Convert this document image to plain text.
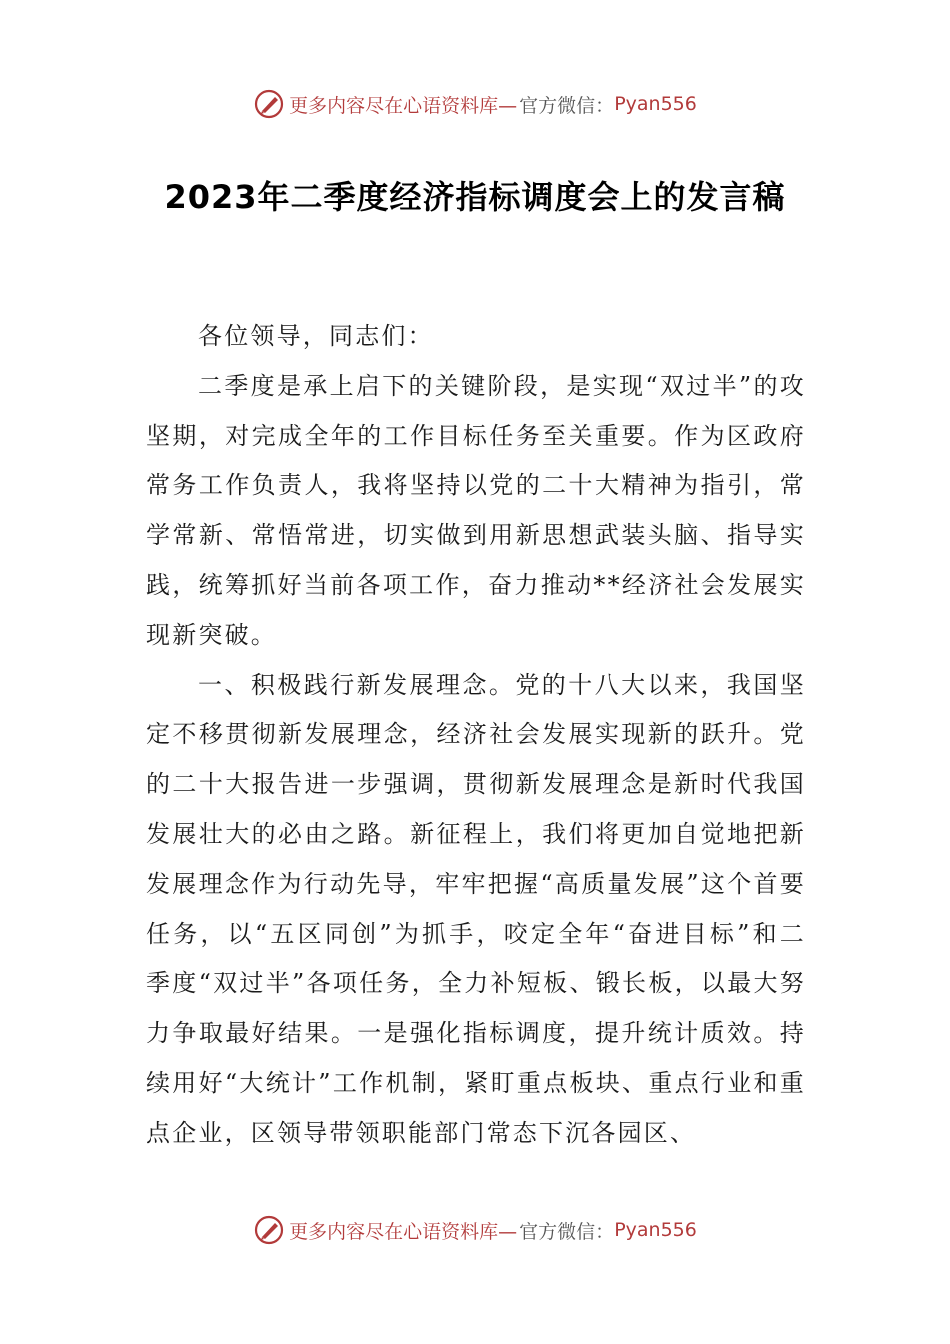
更多内容尽在心语资料库— 官方微信： Pyan556
2023年二季度经济指标调度会上的发言稿

各位领导，同志们：

二季度是承上启下的关键阶段，是实现“双过半”的攻坚期，对完成全年的工作目标任务至关重要。作为区政府常务工作负责人，我将坚持以党的二十大精神为指引，常学常新、常悟常进，切实做到用新思想武装头脑、指导实践，统筹抓好当前各项工作，奋力推动**经济社会发展实现新突破。

一、积极践行新发展理念。党的十八大以来，我国坚定不移贯彻新发展理念，经济社会发展实现新的跃升。党的二十大报告进一步强调，贯彻新发展理念是新时代我国发展壮大的必由之路。新征程上，我们将更加自觉地把新发展理念作为行动先导，牢牢把握“高质量发展”这个首要任务，以“五区同创”为抓手，咬定全年“奋进目标”和二季度“双过半”各项任务，全力补短板、锻长板，以最大努力争取最好结果。一是强化指标调度，提升统计质效。持续用好“大统计”工作机制，紧盯重点板块、重点行业和重点企业，区领导带领职能部门常态下沉各园区、

更多内容尽在心语资料库— 官方微信： Pyan556
